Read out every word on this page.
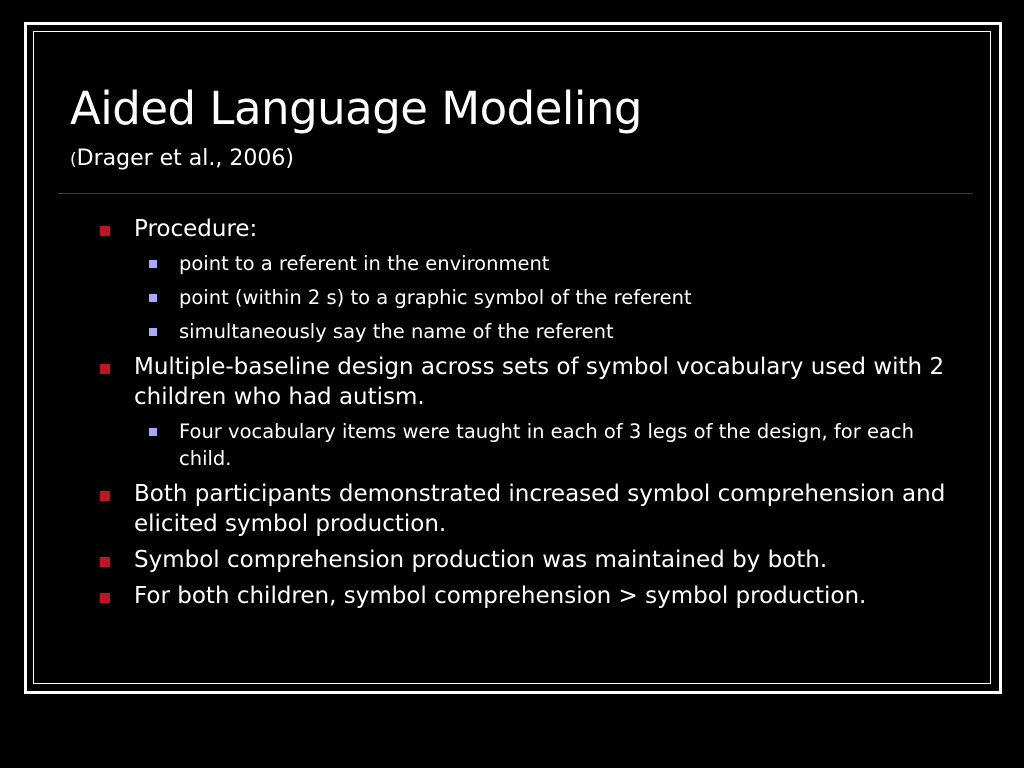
Aided Language Modeling
(Drager et al., 2006)
Procedure:
point to a referent in the environment
point (within 2 s) to a graphic symbol of the referent
simultaneously say the name of the referent
Multiple-baseline design across sets of symbol vocabulary used with 2 children who had autism.
Four vocabulary items were taught in each of 3 legs of the design, for each child.
Both participants demonstrated increased symbol comprehension and elicited symbol production.
Symbol comprehension production was maintained by both.
For both children, symbol comprehension > symbol production.
